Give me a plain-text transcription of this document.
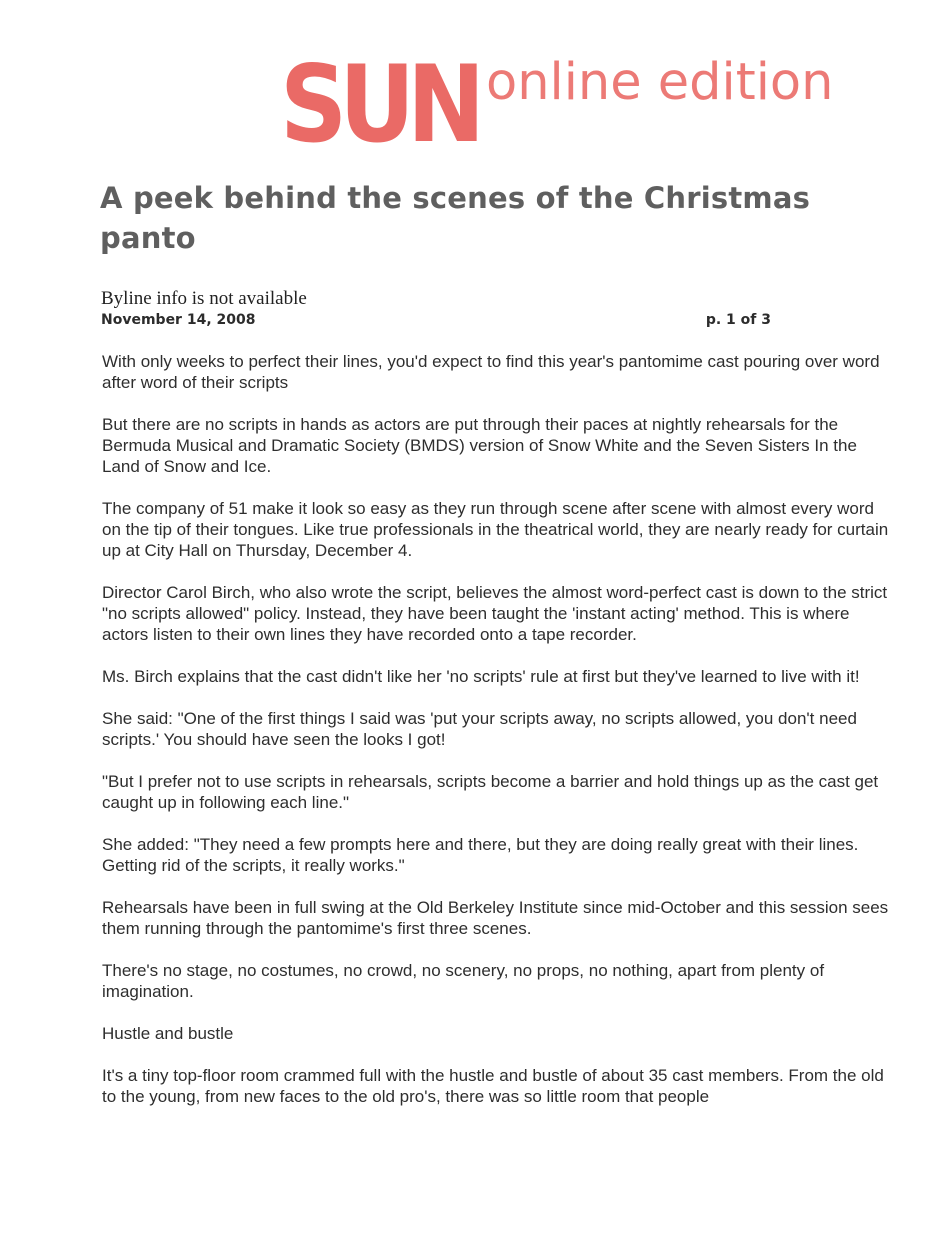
SUN online edition
A peek behind the scenes of the Christmas panto
Byline info is not available
November 14, 2008	p. 1 of 3

With only weeks to perfect their lines, you'd expect to find this year's pantomime cast pouring over word after word of their scripts

But there are no scripts in hands as actors are put through their paces at nightly rehearsals for the Bermuda Musical and Dramatic Society (BMDS) version of Snow White and the Seven Sisters In the Land of Snow and Ice.

The company of 51 make it look so easy as they run through scene after scene with almost every word on the tip of their tongues. Like true professionals in the theatrical world, they are nearly ready for curtain up at City Hall on Thursday, December 4.

Director Carol Birch, who also wrote the script, believes the almost word-perfect cast is down to the strict "no scripts allowed" policy. Instead, they have been taught the 'instant acting' method. This is where actors listen to their own lines they have recorded onto a tape recorder.

Ms. Birch explains that the cast didn't like her 'no scripts' rule at first but they've learned to live with it!

She said: "One of the first things I said was 'put your scripts away, no scripts allowed, you don't need scripts.' You should have seen the looks I got!

"But I prefer not to use scripts in rehearsals, scripts become a barrier and hold things up as the cast get caught up in following each line."

She added: "They need a few prompts here and there, but they are doing really great with their lines. Getting rid of the scripts, it really works."

Rehearsals have been in full swing at the Old Berkeley Institute since mid-October and this session sees them running through the pantomime's first three scenes.

There's no stage, no costumes, no crowd, no scenery, no props, no nothing, apart from plenty of imagination.

Hustle and bustle

It's a tiny top-floor room crammed full with the hustle and bustle of about 35 cast members. From the old to the young, from new faces to the old pro's, there was so little room that people
